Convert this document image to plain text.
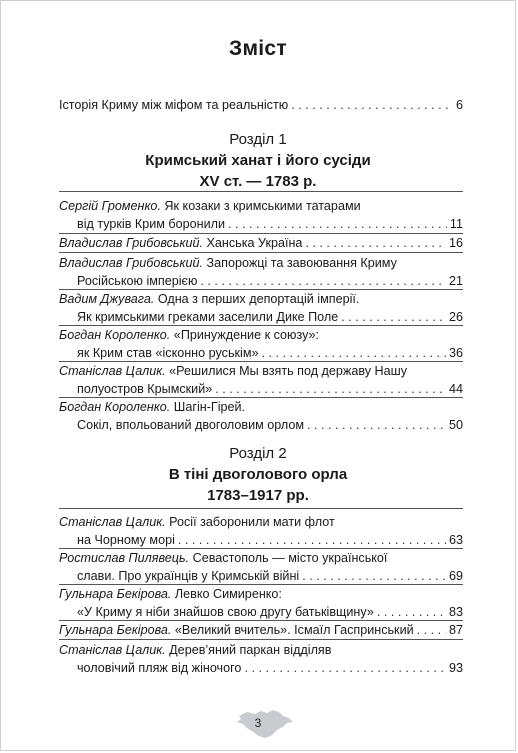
Зміст
Історія Криму між міфом та реальністю . . .	6
Розділ 1
Кримський ханат і його сусіди
XV ст. — 1783 р.
Сергій Громенко. Як козаки з кримськими татарами
від турків Крим боронили . . .	11
Владислав Грибовський. Ханська Україна . . .	16
Владислав Грибовський. Запорожці та завоювання Криму
Російською імперією . . .	21
Вадим Джувага. Одна з перших депортацій імперії.
Як кримськими греками заселили Дике Поле . . .	26
Богдан Короленко. «Принуждение к союзу»:
як Крим став «ісконно руськім» . . .	36
Станіслав Цалик. «Решилися Мы взять под державу Нашу
полуостров Крымский» . . .	44
Богдан Короленко. Шагін-Гірей.
Сокіл, впольований двоголовим орлом . . .	50
Розділ 2
В тіні двоголового орла
1783–1917 рр.
Станіслав Цалик. Росії заборонили мати флот
на Чорному морі . . .	63
Ростислав Пилявець. Севастополь — місто української
слави. Про українців у Кримській війні . . .	69
Гульнара Бекірова. Левко Симиренко:
«У Криму я ніби знайшов свою другу батьківщину» . . .	83
Гульнара Бекірова. «Великий вчитель». Ісмаїл Гаспринський . . .	87
Станіслав Цалик. Дерев’яний паркан відділяв
чоловічий пляж від жіночого . . .	93
3
